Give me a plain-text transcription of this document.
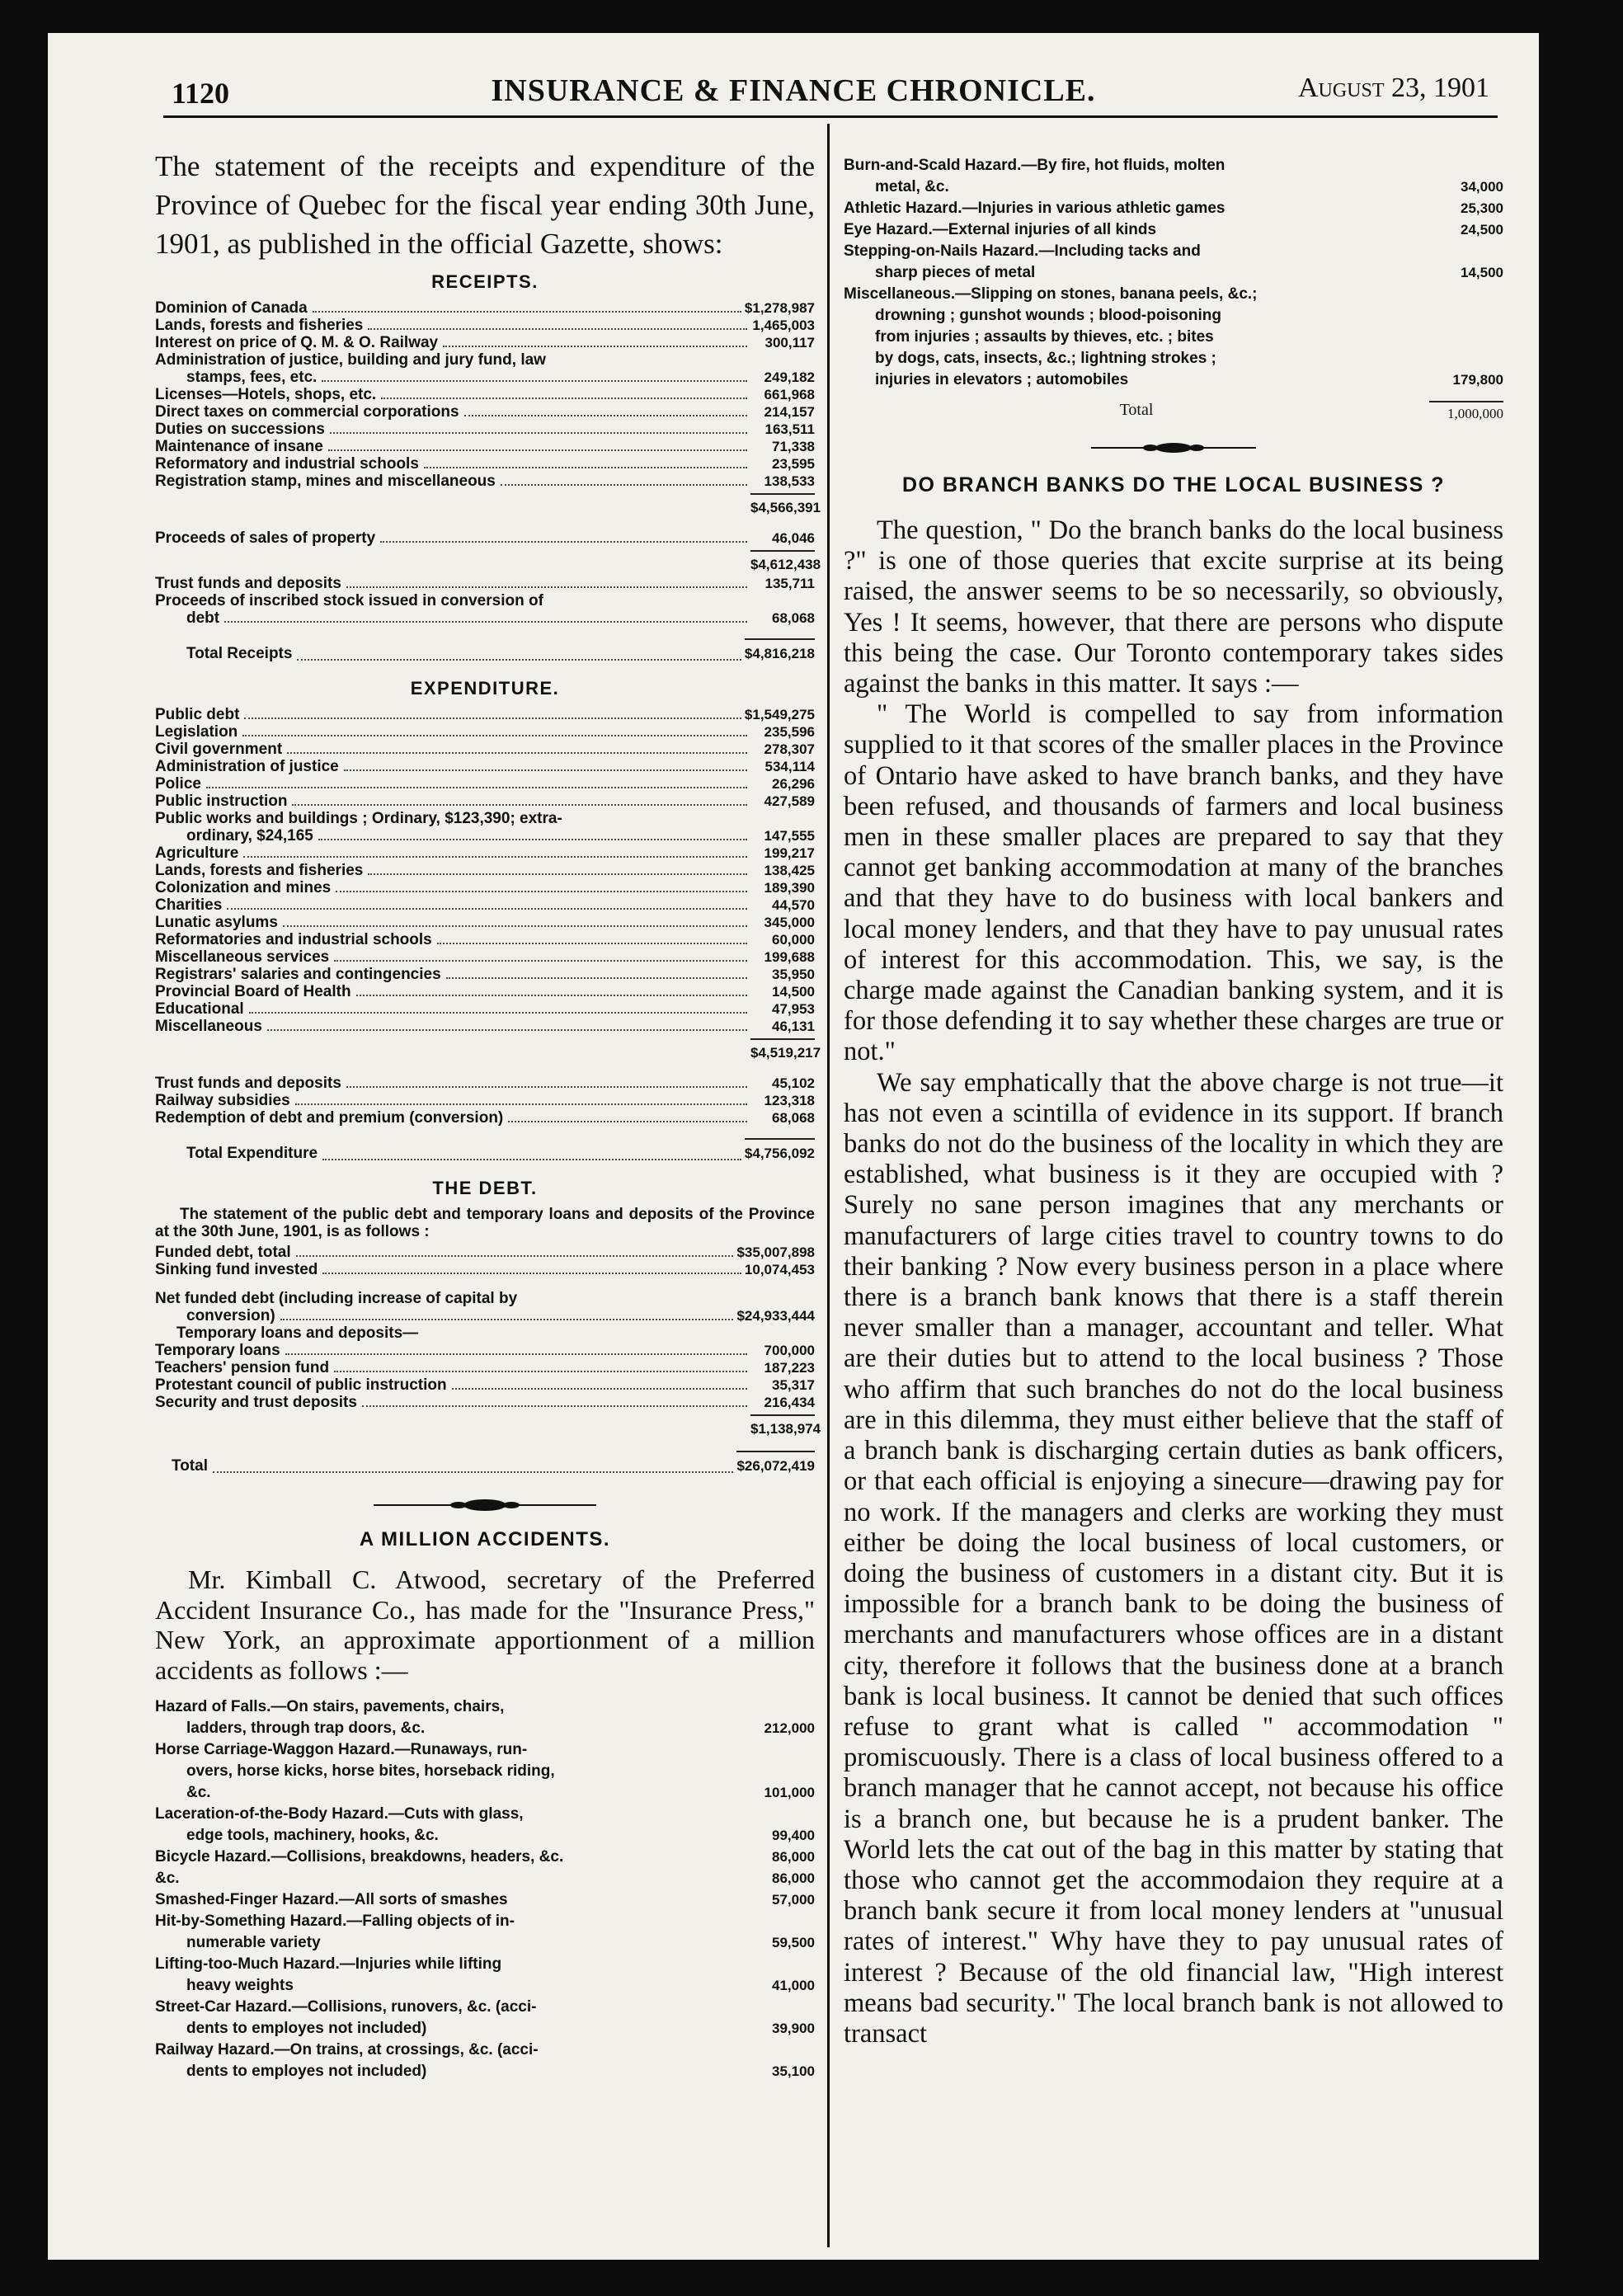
1120	INSURANCE & FINANCE CHRONICLE.	August 23, 1901

The statement of the receipts and expenditure of the Province of Quebec for the fiscal year ending 30th June, 1901, as published in the official Gazette, shows:

RECEIPTS.
Dominion of Canada	$1,278,987
Lands, forests and fisheries	1,465,003
Interest on price of Q. M. & O. Railway	300,117
Administration of justice, building and jury fund, law
stamps, fees, etc.	249,182
Licenses—Hotels, shops, etc.	661,968
Direct taxes on commercial corporations	214,157
Duties on successions	163,511
Maintenance of insane	71,338
Reformatory and industrial schools	23,595
Registration stamp, mines and miscellaneous	138,533
$4,566,391
Proceeds of sales of property	46,046
$4,612,438
Trust funds and deposits	135,711
Proceeds of inscribed stock issued in conversion of
debt	68,068
Total Receipts	$4,816,218
EXPENDITURE.
Public debt	$1,549,275
Legislation	235,596
Civil government	278,307
Administration of justice	534,114
Police	26,296
Public instruction	427,589
Public works and buildings ; Ordinary, $123,390; extra-
ordinary, $24,165	147,555
Agriculture	199,217
Lands, forests and fisheries	138,425
Colonization and mines	189,390
Charities	44,570
Lunatic asylums	345,000
Reformatories and industrial schools	60,000
Miscellaneous services	199,688
Registrars' salaries and contingencies	35,950
Provincial Board of Health	14,500
Educational	47,953
Miscellaneous	46,131
$4,519,217
Trust funds and deposits	45,102
Railway subsidies	123,318
Redemption of debt and premium (conversion)	68,068
Total Expenditure	$4,756,092
THE DEBT.
The statement of the public debt and temporary loans and deposits of the Province at the 30th June, 1901, is as follows :
Funded debt, total	$35,007,898
Sinking fund invested	10,074,453
Net funded debt (including increase of capital by
conversion)	$24,933,444
Temporary loans and deposits—
Temporary loans	700,000
Teachers' pension fund	187,223
Protestant council of public instruction	35,317
Security and trust deposits	216,434
$1,138,974
Total	$26,072,419
A MILLION ACCIDENTS.

Mr. Kimball C. Atwood, secretary of the Preferred Accident Insurance Co., has made for the "Insurance Press," New York, an approximate apportionment of a million accidents as follows :—

Hazard of Falls.—On stairs, pavements, chairs,
ladders, through trap doors, &c.	212,000
Horse Carriage-Waggon Hazard.—Runaways, run-
overs, horse kicks, horse bites, horseback riding,
&c.	101,000
Laceration-of-the-Body Hazard.—Cuts with glass,
edge tools, machinery, hooks, &c.	99,400
Bicycle Hazard.—Collisions, breakdowns, headers, &c.	86,000
&c.	86,000
Smashed-Finger Hazard.—All sorts of smashes	57,000
Hit-by-Something Hazard.—Falling objects of in-
numerable variety	59,500
Lifting-too-Much Hazard.—Injuries while lifting
heavy weights	41,000
Street-Car Hazard.—Collisions, runovers, &c. (acci-
dents to employes not included)	39,900
Railway Hazard.—On trains, at crossings, &c. (acci-
dents to employes not included)	35,100
Burn-and-Scald Hazard.—By fire, hot fluids, molten
metal, &c.	34,000
Athletic Hazard.—Injuries in various athletic games	25,300
Eye Hazard.—External injuries of all kinds	24,500
Stepping-on-Nails Hazard.—Including tacks and
sharp pieces of metal	14,500
Miscellaneous.—Slipping on stones, banana peels, &c.;
drowning ; gunshot wounds ; blood-poisoning
from injuries ; assaults by thieves, etc. ; bites
by dogs, cats, insects, &c.; lightning strokes ;
injuries in elevators ; automobiles	179,800
Total	1,000,000
DO BRANCH BANKS DO THE LOCAL BUSINESS ?

The question, " Do the branch banks do the local business ?" is one of those queries that excite surprise at its being raised, the answer seems to be so necessarily, so obviously, Yes ! It seems, however, that there are persons who dispute this being the case. Our Toronto contemporary takes sides against the banks in this matter. It says :—

" The World is compelled to say from information supplied to it that scores of the smaller places in the Province of Ontario have asked to have branch banks, and they have been refused, and thousands of farmers and local business men in these smaller places are prepared to say that they cannot get banking accommodation at many of the branches and that they have to do business with local bankers and local money lenders, and that they have to pay unusual rates of interest for this accommodation. This, we say, is the charge made against the Canadian banking system, and it is for those defending it to say whether these charges are true or not."

We say emphatically that the above charge is not true—it has not even a scintilla of evidence in its support. If branch banks do not do the business of the locality in which they are established, what business is it they are occupied with ? Surely no sane person imagines that any merchants or manufacturers of large cities travel to country towns to do their banking ? Now every business person in a place where there is a branch bank knows that there is a staff therein never smaller than a manager, accountant and teller. What are their duties but to attend to the local business ? Those who affirm that such branches do not do the local business are in this dilemma, they must either believe that the staff of a branch bank is discharging certain duties as bank officers, or that each official is enjoying a sinecure—drawing pay for no work. If the managers and clerks are working they must either be doing the local business of local customers, or doing the business of customers in a distant city. But it is impossible for a branch bank to be doing the business of merchants and manufacturers whose offices are in a distant city, therefore it follows that the business done at a branch bank is local business. It cannot be denied that such offices refuse to grant what is called " accommodation " promiscuously. There is a class of local business offered to a branch manager that he cannot accept, not because his office is a branch one, but because he is a prudent banker. The World lets the cat out of the bag in this matter by stating that those who cannot get the accommodaion they require at a branch bank secure it from local money lenders at "unusual rates of interest." Why have they to pay unusual rates of interest ? Because of the old financial law, "High interest means bad security." The local branch bank is not allowed to transact
